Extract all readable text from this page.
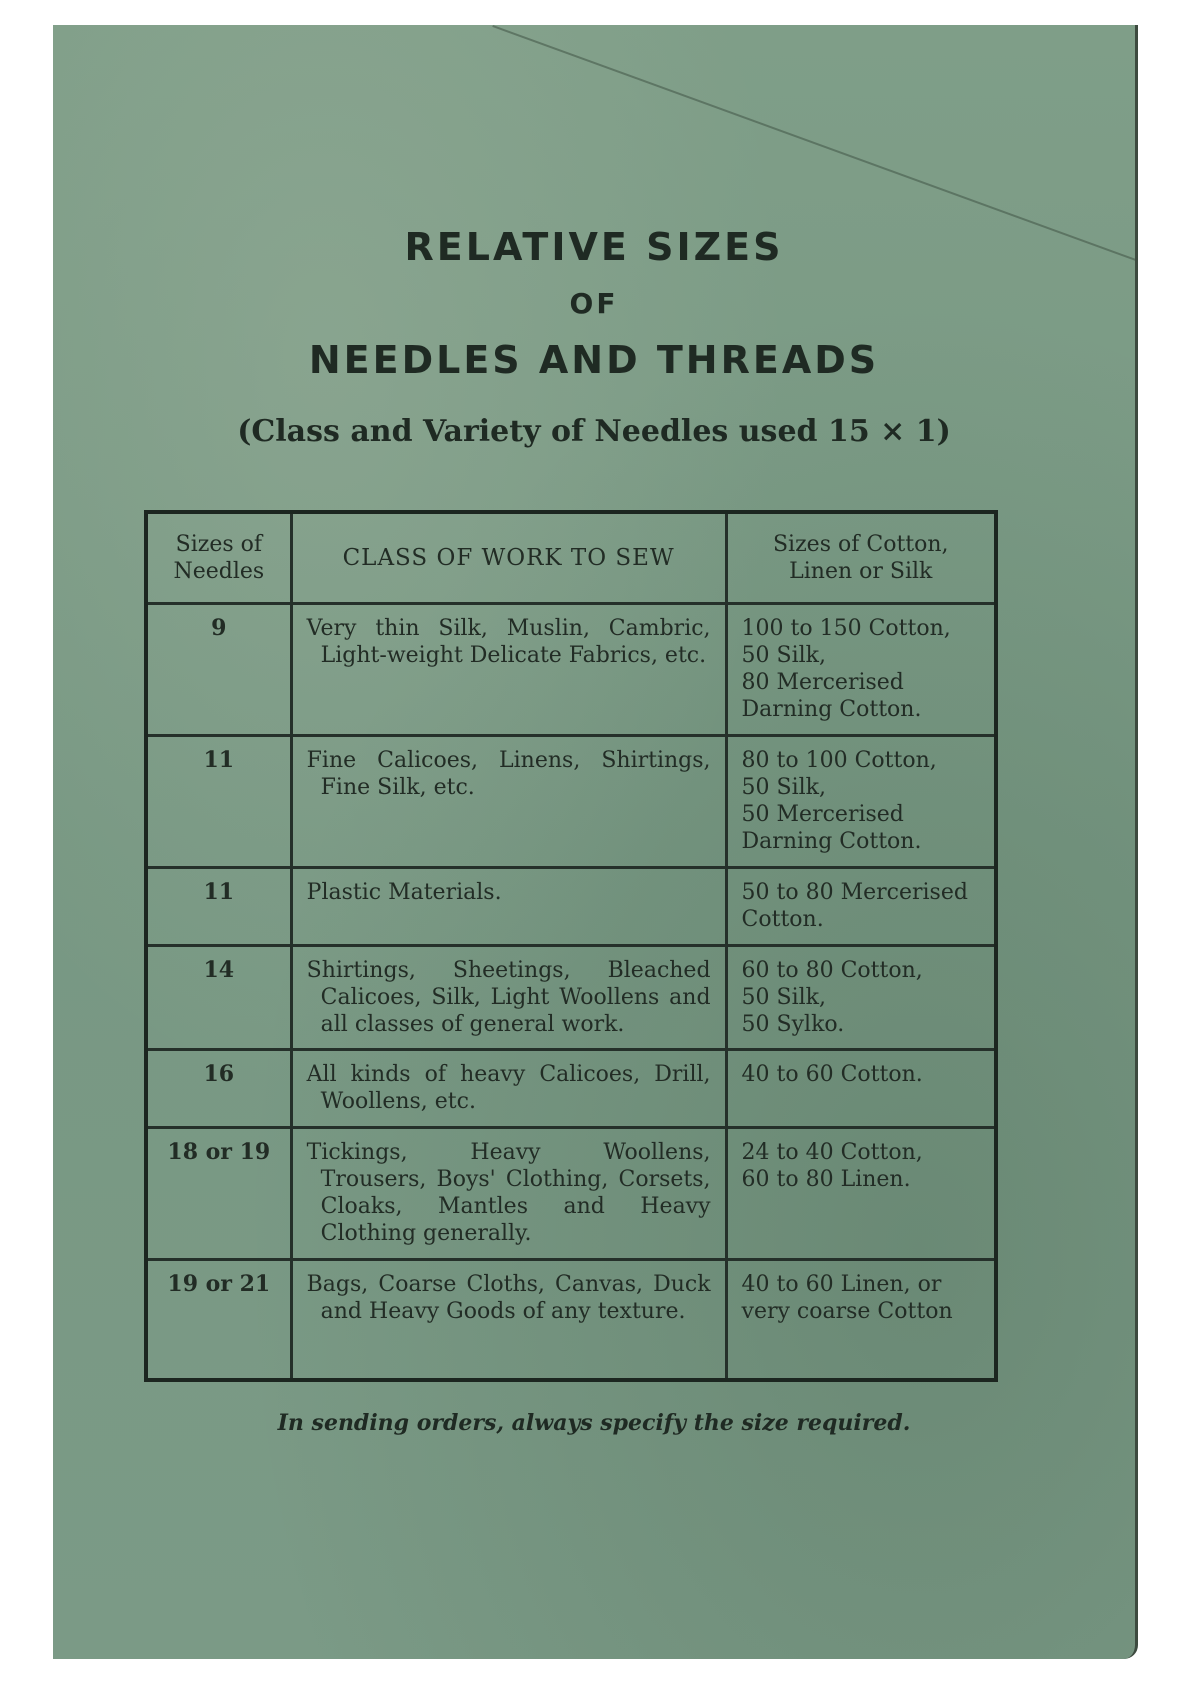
RELATIVE SIZES
OF
NEEDLES AND THREADS
(Class and Variety of Needles used 15 × 1)
Sizes of Needles	CLASS OF WORK TO SEW	Sizes of Cotton, Linen or Silk
9	Very thin Silk, Muslin, Cambric, Light-weight Delicate Fabrics, etc.	100 to 150 Cotton,
50 Silk,
80 Mercerised
Darning Cotton.

11	Fine Calicoes, Linens, Shirtings, Fine Silk, etc.	80 to 100 Cotton,
50 Silk,
50 Mercerised
Darning Cotton.

11	Plastic Materials.	50 to 80 Mercerised
Cotton.

14	Shirtings, Sheetings, Bleached Calicoes, Silk, Light Woollens and all classes of general work.	60 to 80 Cotton,
50 Silk,
50 Sylko.

16	All kinds of heavy Calicoes, Drill, Woollens, etc.	40 to 60 Cotton.

18 or 19	Tickings, Heavy Woollens, Trousers, Boys' Clothing, Corsets, Cloaks, Mantles and Heavy Clothing generally.	24 to 40 Cotton,
60 to 80 Linen.

19 or 21	Bags, Coarse Cloths, Canvas, Duck and Heavy Goods of any texture.	40 to 60 Linen, or
very coarse Cotton
In sending orders, always specify the size required.
